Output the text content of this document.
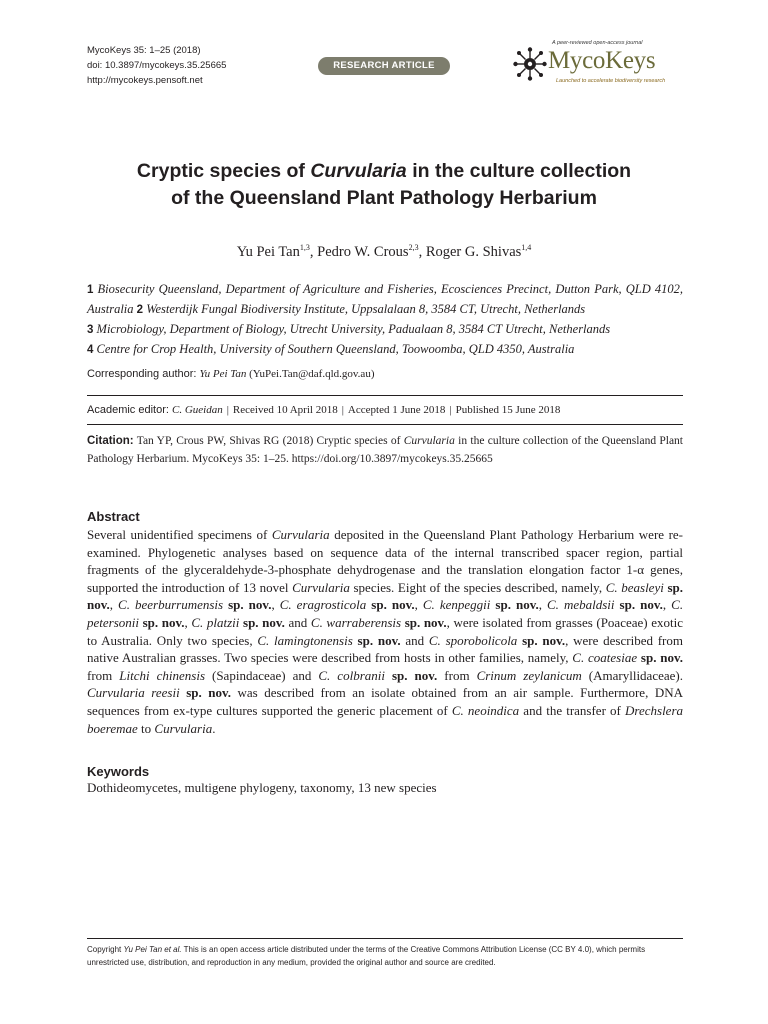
MycoKeys 35: 1–25 (2018)
doi: 10.3897/mycokeys.35.25665
http://mycokeys.pensoft.net
RESEARCH ARTICLE
A peer-reviewed open-access journal
MycoKeys
Launched to accelerate biodiversity research
Cryptic species of Curvularia in the culture collection
of the Queensland Plant Pathology Herbarium
Yu Pei Tan$^{1,3}$, Pedro W. Crous$^{2,3}$, Roger G. Shivas$^{1,4}$
1 Biosecurity Queensland, Department of Agriculture and Fisheries, Ecosciences Precinct, Dutton Park, QLD 4102, Australia 2 Westerdijk Fungal Biodiversity Institute, Uppsalalaan 8, 3584 CT, Utrecht, Netherlands
3 Microbiology, Department of Biology, Utrecht University, Padualaan 8, 3584 CT Utrecht, Netherlands
4 Centre for Crop Health, University of Southern Queensland, Toowoomba, QLD 4350, Australia
Corresponding author: Yu Pei Tan (YuPei.Tan@daf.qld.gov.au)
Academic editor: C. Gueidan | Received 10 April 2018 | Accepted 1 June 2018 | Published 15 June 2018
Citation: Tan YP, Crous PW, Shivas RG (2018) Cryptic species of Curvularia in the culture collection of the Queensland Plant Pathology Herbarium. MycoKeys 35: 1–25. https://doi.org/10.3897/mycokeys.35.25665
Abstract
Several unidentified specimens of Curvularia deposited in the Queensland Plant Pathology Herbarium were re-examined. Phylogenetic analyses based on sequence data of the internal transcribed spacer region, partial fragments of the glyceraldehyde-3-phosphate dehydrogenase and the translation elongation factor 1-α genes, supported the introduction of 13 novel Curvularia species. Eight of the species described, namely, C. beasleyi sp. nov., C. beerburrumensis sp. nov., C. eragrosticola sp. nov., C. kenpeggii sp. nov., C. mebaldsii sp. nov., C. petersonii sp. nov., C. platzii sp. nov. and C. warraberensis sp. nov., were isolated from grasses (Poaceae) exotic to Australia. Only two species, C. lamingtonensis sp. nov. and C. sporobolicola sp. nov., were described from native Australian grasses. Two species were described from hosts in other families, namely, C. coatesiae sp. nov. from Litchi chinensis (Sapindaceae) and C. colbranii sp. nov. from Crinum zeylanicum (Amaryllidaceae). Curvularia reesii sp. nov. was described from an isolate obtained from an air sample. Furthermore, DNA sequences from ex-type cultures supported the generic placement of C. neoindica and the transfer of Drechslera boeremae to Curvularia.
Keywords
Dothideomycetes, multigene phylogeny, taxonomy, 13 new species
Copyright Yu Pei Tan et al. This is an open access article distributed under the terms of the Creative Commons Attribution License (CC BY 4.0), which permits unrestricted use, distribution, and reproduction in any medium, provided the original author and source are credited.
